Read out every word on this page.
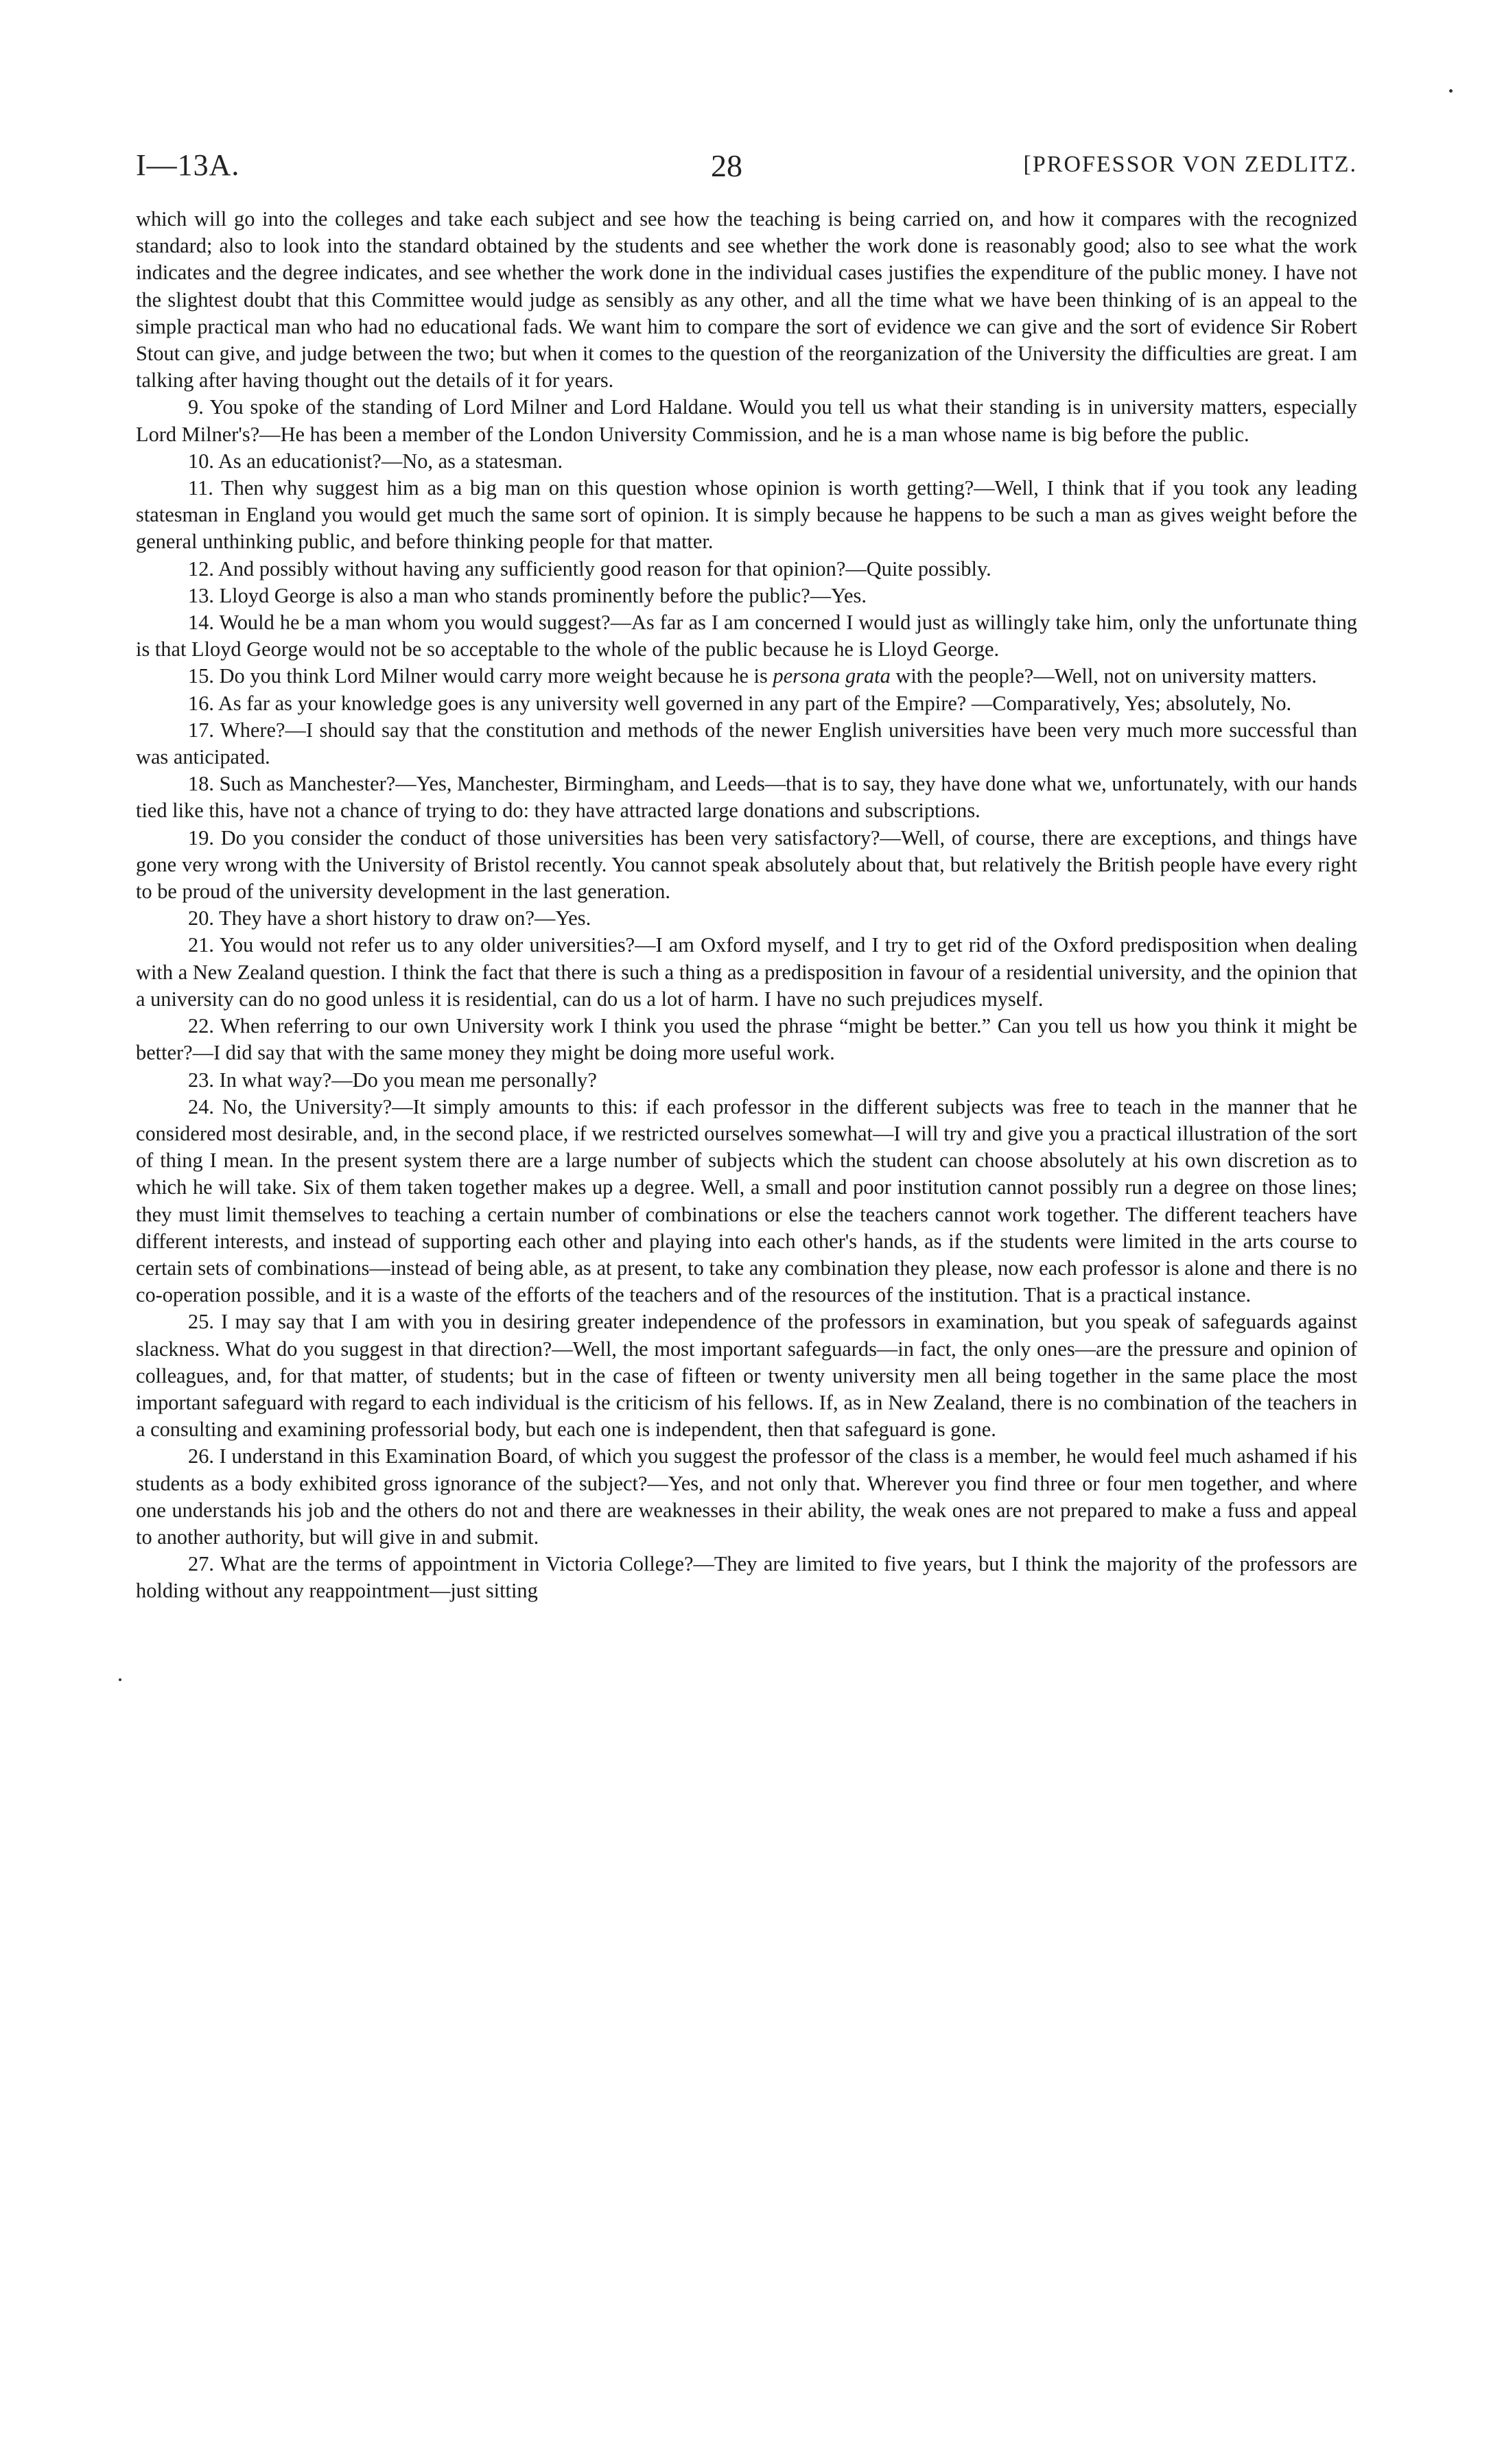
I—13A.	28	[PROFESSOR VON ZEDLITZ.

which will go into the colleges and take each subject and see how the teaching is being carried on, and how it compares with the recognized standard; also to look into the standard obtained by the students and see whether the work done is reasonably good; also to see what the work indicates and the degree indicates, and see whether the work done in the individual cases justifies the expenditure of the public money. I have not the slightest doubt that this Committee would judge as sensibly as any other, and all the time what we have been thinking of is an appeal to the simple practical man who had no educational fads. We want him to compare the sort of evidence we can give and the sort of evidence Sir Robert Stout can give, and judge between the two; but when it comes to the question of the reorganization of the University the difficulties are great. I am talking after having thought out the details of it for years.

9. You spoke of the standing of Lord Milner and Lord Haldane. Would you tell us what their standing is in university matters, especially Lord Milner's?—He has been a member of the London University Commission, and he is a man whose name is big before the public.

10. As an educationist?—No, as a statesman.

11. Then why suggest him as a big man on this question whose opinion is worth getting?—Well, I think that if you took any leading statesman in England you would get much the same sort of opinion. It is simply because he happens to be such a man as gives weight before the general unthinking public, and before thinking people for that matter.

12. And possibly without having any sufficiently good reason for that opinion?—Quite possibly.

13. Lloyd George is also a man who stands prominently before the public?—Yes.

14. Would he be a man whom you would suggest?—As far as I am concerned I would just as willingly take him, only the unfortunate thing is that Lloyd George would not be so acceptable to the whole of the public because he is Lloyd George.

15. Do you think Lord Milner would carry more weight because he is persona grata with the people?—Well, not on university matters.

16. As far as your knowledge goes is any university well governed in any part of the Empire? —Comparatively, Yes; absolutely, No.

17. Where?—I should say that the constitution and methods of the newer English universities have been very much more successful than was anticipated.

18. Such as Manchester?—Yes, Manchester, Birmingham, and Leeds—that is to say, they have done what we, unfortunately, with our hands tied like this, have not a chance of trying to do: they have attracted large donations and subscriptions.

19. Do you consider the conduct of those universities has been very satisfactory?—Well, of course, there are exceptions, and things have gone very wrong with the University of Bristol recently. You cannot speak absolutely about that, but relatively the British people have every right to be proud of the university development in the last generation.

20. They have a short history to draw on?—Yes.

21. You would not refer us to any older universities?—I am Oxford myself, and I try to get rid of the Oxford predisposition when dealing with a New Zealand question. I think the fact that there is such a thing as a predisposition in favour of a residential university, and the opinion that a university can do no good unless it is residential, can do us a lot of harm. I have no such prejudices myself.

22. When referring to our own University work I think you used the phrase “might be better.” Can you tell us how you think it might be better?—I did say that with the same money they might be doing more useful work.

23. In what way?—Do you mean me personally?

24. No, the University?—It simply amounts to this: if each professor in the different subjects was free to teach in the manner that he considered most desirable, and, in the second place, if we restricted ourselves somewhat—I will try and give you a practical illustration of the sort of thing I mean. In the present system there are a large number of subjects which the student can choose absolutely at his own discretion as to which he will take. Six of them taken together makes up a degree. Well, a small and poor institution cannot possibly run a degree on those lines; they must limit themselves to teaching a certain number of combinations or else the teachers cannot work together. The different teachers have different interests, and instead of supporting each other and playing into each other's hands, as if the students were limited in the arts course to certain sets of combinations—instead of being able, as at present, to take any combination they please, now each professor is alone and there is no co-operation possible, and it is a waste of the efforts of the teachers and of the resources of the institution. That is a practical instance.

25. I may say that I am with you in desiring greater independence of the professors in examination, but you speak of safeguards against slackness. What do you suggest in that direction?—Well, the most important safeguards—in fact, the only ones—are the pressure and opinion of colleagues, and, for that matter, of students; but in the case of fifteen or twenty university men all being together in the same place the most important safeguard with regard to each individual is the criticism of his fellows. If, as in New Zealand, there is no combination of the teachers in a consulting and examining professorial body, but each one is independent, then that safeguard is gone.

26. I understand in this Examination Board, of which you suggest the professor of the class is a member, he would feel much ashamed if his students as a body exhibited gross ignorance of the subject?—Yes, and not only that. Wherever you find three or four men together, and where one understands his job and the others do not and there are weaknesses in their ability, the weak ones are not prepared to make a fuss and appeal to another authority, but will give in and submit.

27. What are the terms of appointment in Victoria College?—They are limited to five years, but I think the majority of the professors are holding without any reappointment—just sitting
